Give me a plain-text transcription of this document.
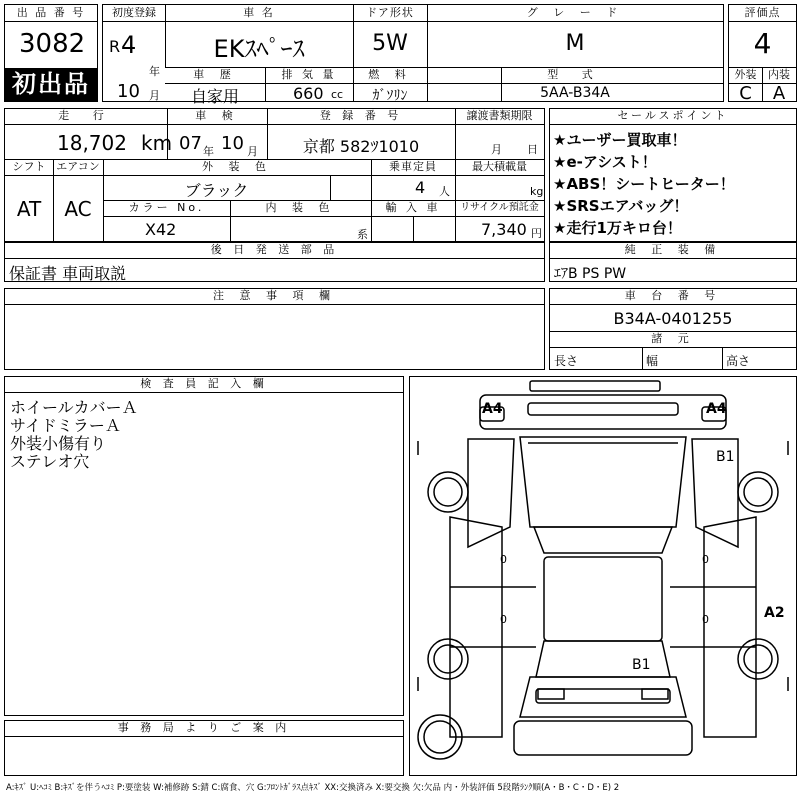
出 品 番 号
3082
初出品
初度登録
R 4
年
10 月
車 名
EKｽﾍﾟｰｽ
ドア形状
5W
グ レ ー ド
M
車 歴
自家用
排 気 量
660 cc
燃 料
ｶﾞｿﾘﾝ
型 式
5AA-B34A
評価点
4
外装	内装
C	A
走 行
18,702 km
車 検
07 年 10 月
登 録 番 号
京都 582ﾂ1010
譲渡書類期限
月 日
シフト
AT
エアコン
AC
外 装 色
ブラック
乗車定員
4 人
最大積載量
kg
カラー No.
X42
内 装 色
系
輸 入 車	リサイクル預託金
7,340 円
セールスポイント
★ユーザー買取車！
★e-アシスト！
★ABS！シートヒーター！
★SRSエアバッグ！
★走行1万キロ台！
後 日 発 送 部 品
保証書 車両取説
純 正 装 備
ｴｱB PS PW
注 意 事 項 欄	車 台 番 号
B34A-0401255
諸 元
長さ	幅	高さ
検 査 員 記 入 欄
ホイールカバーＡ
サイドミラーＡ
外装小傷有り
ステレオ穴
事 務 局 よ り ご 案 内
A4	A4
B1
A2
B1
0	0
0	0
A:ｷｽﾞ U:ﾍｺﾐ B:ｷｽﾞを伴うﾍｺﾐ P:要塗装 W:補修跡 S:錆 C:腐食、穴 G:ﾌﾛﾝﾄｶﾞﾗｽ点ｷｽﾞ XX:交換済み X:要交換 欠:欠品 内・外装評価 5段階ﾗﾝｸ順(A・B・C・D・E) 2
